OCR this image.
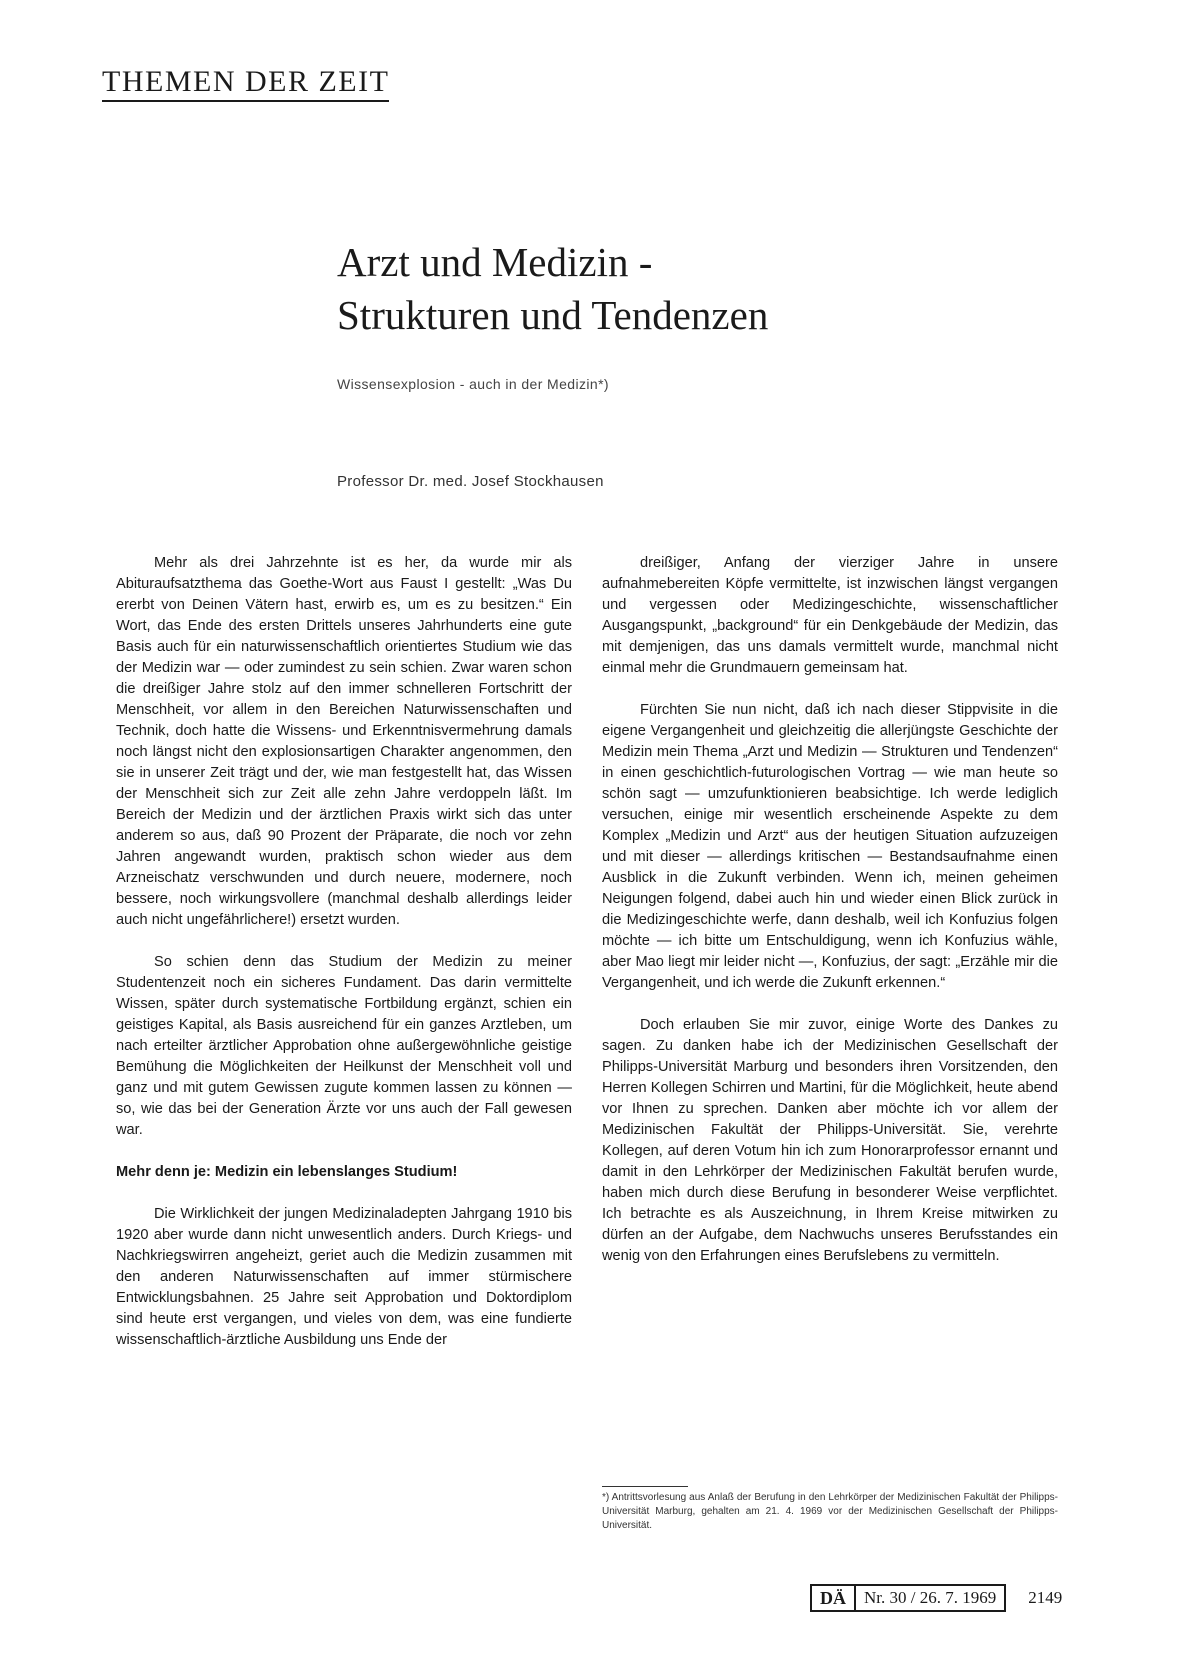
THEMEN DER ZEIT
Arzt und Medizin -
Strukturen und Tendenzen
Wissensexplosion - auch in der Medizin*)
Professor Dr. med. Josef Stockhausen

Mehr als drei Jahrzehnte ist es her, da wurde mir als Abituraufsatzthema das Goethe-Wort aus Faust I gestellt: „Was Du ererbt von Deinen Vätern hast, erwirb es, um es zu besitzen.“ Ein Wort, das Ende des ersten Drittels unseres Jahrhunderts eine gute Basis auch für ein naturwissenschaftlich orientiertes Studium wie das der Medizin war — oder zumindest zu sein schien. Zwar waren schon die dreißiger Jahre stolz auf den immer schnelleren Fortschritt der Menschheit, vor allem in den Bereichen Naturwissenschaften und Technik, doch hatte die Wissens- und Erkenntnisvermehrung damals noch längst nicht den explosionsartigen Charakter angenommen, den sie in unserer Zeit trägt und der, wie man festgestellt hat, das Wissen der Menschheit sich zur Zeit alle zehn Jahre verdoppeln läßt. Im Bereich der Medizin und der ärztlichen Praxis wirkt sich das unter anderem so aus, daß 90 Prozent der Präparate, die noch vor zehn Jahren angewandt wurden, praktisch schon wieder aus dem Arzneischatz verschwunden und durch neuere, modernere, noch bessere, noch wirkungsvollere (manchmal deshalb allerdings leider auch nicht ungefährlichere!) ersetzt wurden.

So schien denn das Studium der Medizin zu meiner Studentenzeit noch ein sicheres Fundament. Das darin vermittelte Wissen, später durch systematische Fortbildung ergänzt, schien ein geistiges Kapital, als Basis ausreichend für ein ganzes Arztleben, um nach erteilter ärztlicher Approbation ohne außergewöhnliche geistige Bemühung die Möglichkeiten der Heilkunst der Menschheit voll und ganz und mit gutem Gewissen zugute kommen lassen zu können — so, wie das bei der Generation Ärzte vor uns auch der Fall gewesen war.

Mehr denn je: Medizin ein lebenslanges Studium!

Die Wirklichkeit der jungen Medizinaladepten Jahrgang 1910 bis 1920 aber wurde dann nicht unwesentlich anders. Durch Kriegs- und Nachkriegswirren angeheizt, geriet auch die Medizin zusammen mit den anderen Naturwissenschaften auf immer stürmischere Entwicklungsbahnen. 25 Jahre seit Approbation und Doktordiplom sind heute erst vergangen, und vieles von dem, was eine fundierte wissenschaftlich-ärztliche Ausbildung uns Ende der

dreißiger, Anfang der vierziger Jahre in unsere aufnahmebereiten Köpfe vermittelte, ist inzwischen längst vergangen und vergessen oder Medizingeschichte, wissenschaftlicher Ausgangspunkt, „background“ für ein Denkgebäude der Medizin, das mit demjenigen, das uns damals vermittelt wurde, manchmal nicht einmal mehr die Grundmauern gemeinsam hat.

Fürchten Sie nun nicht, daß ich nach dieser Stippvisite in die eigene Vergangenheit und gleichzeitig die allerjüngste Geschichte der Medizin mein Thema „Arzt und Medizin — Strukturen und Tendenzen“ in einen geschichtlich-futurologischen Vortrag — wie man heute so schön sagt — umzufunktionieren beabsichtige. Ich werde lediglich versuchen, einige mir wesentlich erscheinende Aspekte zu dem Komplex „Medizin und Arzt“ aus der heutigen Situation aufzuzeigen und mit dieser — allerdings kritischen — Bestandsaufnahme einen Ausblick in die Zukunft verbinden. Wenn ich, meinen geheimen Neigungen folgend, dabei auch hin und wieder einen Blick zurück in die Medizingeschichte werfe, dann deshalb, weil ich Konfuzius folgen möchte — ich bitte um Entschuldigung, wenn ich Konfuzius wähle, aber Mao liegt mir leider nicht —, Konfuzius, der sagt: „Erzähle mir die Vergangenheit, und ich werde die Zukunft erkennen.“

Doch erlauben Sie mir zuvor, einige Worte des Dankes zu sagen. Zu danken habe ich der Medizinischen Gesellschaft der Philipps-Universität Marburg und besonders ihren Vorsitzenden, den Herren Kollegen Schirren und Martini, für die Möglichkeit, heute abend vor Ihnen zu sprechen. Danken aber möchte ich vor allem der Medizinischen Fakultät der Philipps-Universität. Sie, verehrte Kollegen, auf deren Votum hin ich zum Honorarprofessor ernannt und damit in den Lehrkörper der Medizinischen Fakultät berufen wurde, haben mich durch diese Berufung in besonderer Weise verpflichtet. Ich betrachte es als Auszeichnung, in Ihrem Kreise mitwirken zu dürfen an der Aufgabe, dem Nachwuchs unseres Berufsstandes ein wenig von den Erfahrungen eines Berufslebens zu vermitteln.

*) Antrittsvorlesung aus Anlaß der Berufung in den Lehrkörper der Medizinischen Fakultät der Philipps-Universität Marburg, gehalten am 21. 4. 1969 vor der Medizinischen Gesellschaft der Philipps-Universität.
DÄ	Nr. 30 / 26. 7. 1969	2149
